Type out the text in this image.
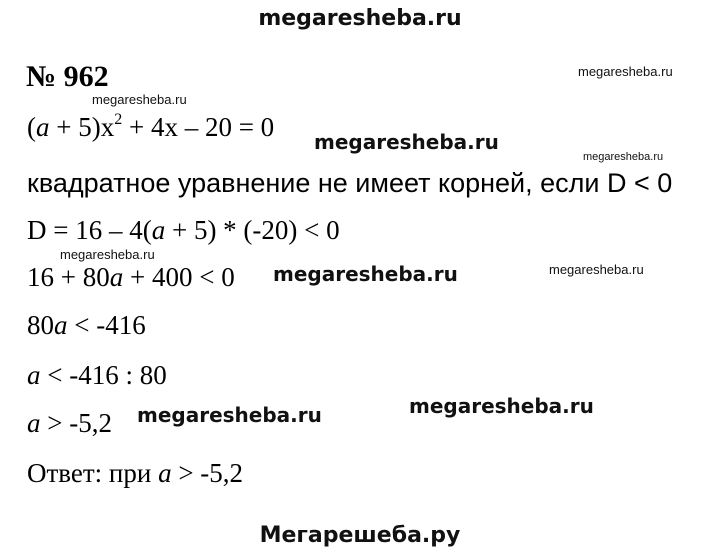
megaresheba.ru
№ 962	megaresheba.ru
megaresheba.ru
megaresheba.ru
megaresheba.ru
megaresheba.ru
megaresheba.ru
megaresheba.ru
megaresheba.ru
megaresheba.ru
$(a + 5)x^2 + 4x - 20 = 0$
квадратное уравнение не имеет корней, если D < 0
D = 16 – 4(a + 5) * (-20) < 0
16 + 80a + 400 < 0
80a < -416
a < -416 : 80
a > -5,2
Ответ: при a > -5,2
Мегарешеба.ру
